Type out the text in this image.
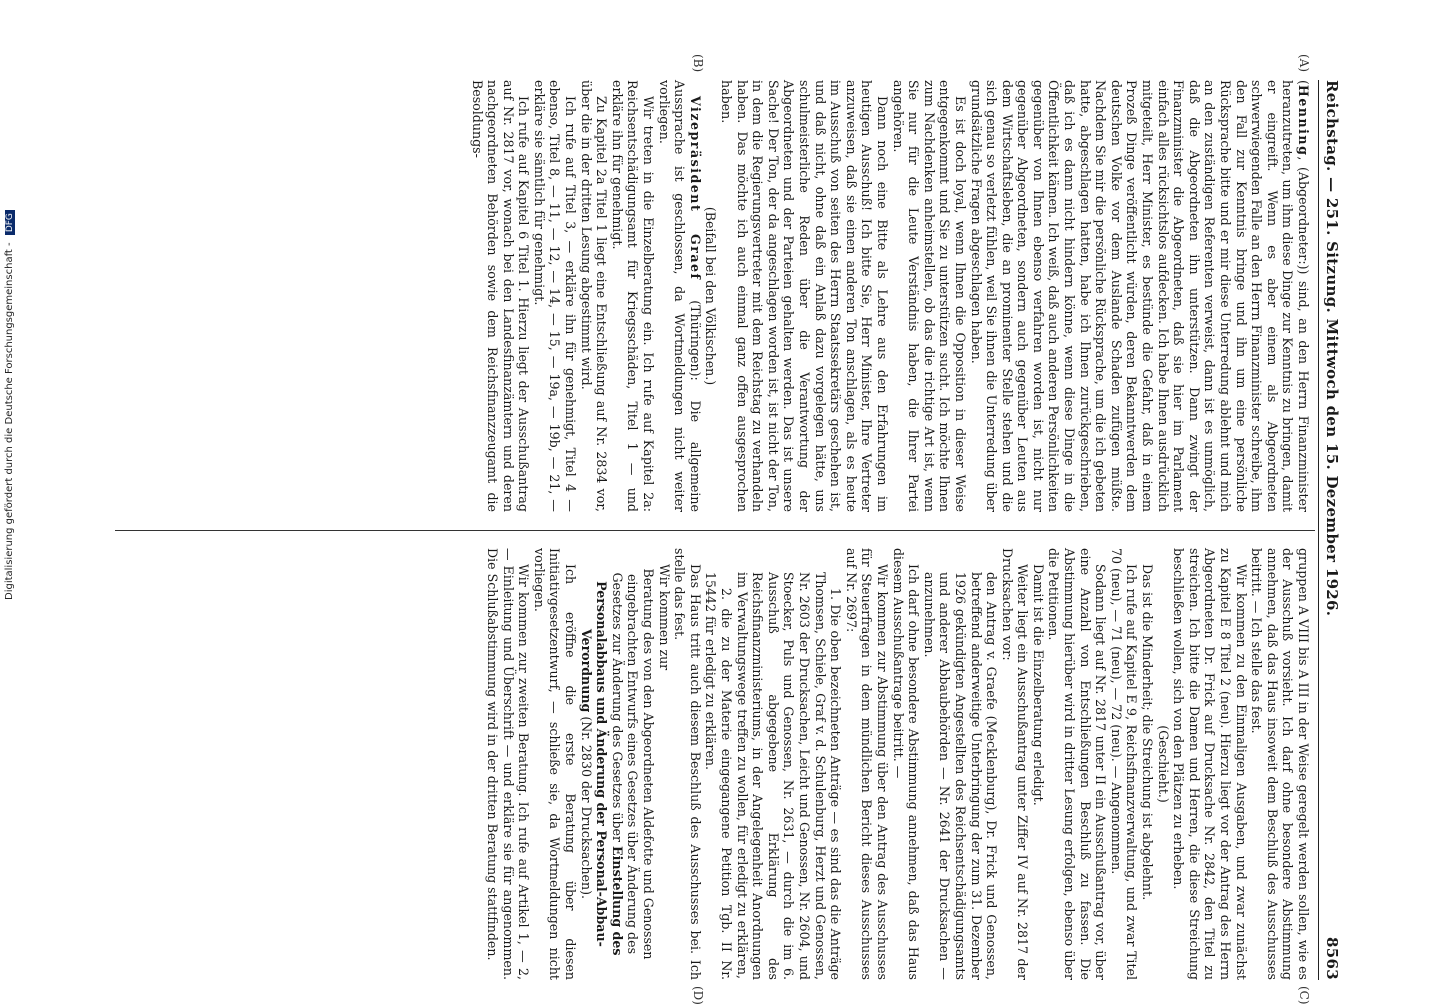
Reichstag. — 251. Sitzung. Mittwoch den 15. Dezember 1926.
8563
(A)
(B)
(C)
(D)

(Henning, (Abgeordneter:)) sind, an den Herrn Finanzminister heranzutreten, um ihm diese Dinge zur Kenntnis zu bringen, damit er eingreift. Wenn es aber einem als Abgeordneten schwerwiegenden Falle an den Herrn Finanzminister schreibe, ihm den Fall zur Kenntnis bringe und ihn um eine persönliche Rücksprache bitte und er mir diese Unterredung ablehnt und mich an den zuständigen Referenten verweist, dann ist es unmöglich, daß die Abgeordneten ihn unterstützen. Dann zwingt der Finanzminister die Abgeordneten, daß sie hier im Parlament einfach alles rücksichtslos aufdecken. Ich habe Ihnen ausdrücklich mitgeteilt, Herr Minister, es bestünde die Gefahr, daß in einem Prozeß Dinge veröffentlicht würden, deren Bekanntwerden dem deutschen Volke vor dem Auslande Schaden zufügen müßte. Nachdem Sie mir die persönliche Rücksprache, um die ich gebeten hatte, abgeschlagen hatten, habe ich Ihnen zurückgeschrieben, daß ich es dann nicht hindern könne, wenn diese Dinge in die Öffentlichkeit kämen. Ich weiß, daß auch anderen Persönlichkeiten gegenüber von Ihnen ebenso verfahren worden ist, nicht nur gegenüber Abgeordneten, sondern auch gegenüber Leuten aus dem Wirtschaftsleben, die an prominenter Stelle stehen und die sich genau so verletzt fühlen, weil Sie ihnen die Unterredung über grundsätzliche Fragen abgeschlagen haben.

Es ist doch loyal, wenn Ihnen die Opposition in dieser Weise entgegenkommt und Sie zu unterstützen sucht. Ich möchte Ihnen zum Nachdenken anheimstellen, ob das die richtige Art ist, wenn Sie nur für die Leute Verständnis haben, die Ihrer Partei angehören.

Dann noch eine Bitte als Lehre aus den Erfahrungen im heutigen Ausschuß! Ich bitte Sie, Herr Minister, Ihre Vertreter anzuweisen, daß sie einen anderen Ton anschlagen, als es heute im Ausschuß von seiten des Herrn Staatssekretärs geschehen ist, und daß nicht, ohne daß ein Anlaß dazu vorgelegen hätte, uns schulmeisterliche Reden über die Verantwortung der Abgeordneten und der Parteien gehalten werden. Das ist unsere Sache! Der Ton, der da angeschlagen worden ist, ist nicht der Ton, in dem die Regierungsvertreter mit dem Reichstag zu verhandeln haben. Das möchte ich auch einmal ganz offen ausgesprochen haben.

(Beifall bei den Völkischen.)

Vizepräsident Graef (Thüringen): Die allgemeine Aussprache ist geschlossen, da Wortmeldungen nicht weiter vorliegen.

Wir treten in die Einzelberatung ein. Ich rufe auf Kapitel 2a: Reichsentschädigungsamt für Kriegsschäden, Titel 1 — und erkläre ihn für genehmigt.

Zu Kapitel 2a Titel 1 liegt eine Entschließung auf Nr. 2834 vor, über die in der dritten Lesung abgestimmt wird.

Ich rufe auf Titel 3, — erkläre ihn für genehmigt, Titel 4 — ebenso, Titel 8, — 11, — 12, — 14, — 15, — 19a, — 19b, — 21, — erkläre sie sämtlich für genehmigt.

Ich rufe auf Kapitel 6 Titel 1. Hierzu liegt der Ausschußantrag auf Nr. 2817 vor, wonach bei den Landesfinanzämtern und deren nachgeordneten Behörden sowie dem Reichsfinanzzeugamt die Besoldungs-

gruppen A VIII bis A III in der Weise geregelt werden sollen, wie es der Ausschuß vorsieht. Ich darf ohne besondere Abstimmung annehmen, daß das Haus insoweit dem Beschluß des Ausschusses beitritt. — Ich stelle das fest.

Wir kommen zu den Einmaligen Ausgaben, und zwar zunächst zu Kapitel E 8 Titel 2 (neu). Hierzu liegt vor der Antrag des Herrn Abgeordneten Dr. Frick auf Drucksache Nr. 2842, den Titel zu streichen. Ich bitte die Damen und Herren, die diese Streichung beschließen wollen, sich von den Plätzen zu erheben.

(Geschieht.)

Das ist die Minderheit; die Streichung ist abgelehnt.

Ich rufe auf Kapitel E 9, Reichsfinanzverwaltung, und zwar Titel 70 (neu), — 71 (neu), — 72 (neu). — Angenommen.

Sodann liegt auf Nr. 2817 unter II ein Ausschußantrag vor, über eine Anzahl von Entschließungen Beschluß zu fassen. Die Abstimmung hierüber wird in dritter Lesung erfolgen, ebenso über die Petitionen.

Damit ist die Einzelberatung erledigt.

Weiter liegt ein Ausschußantrag unter Ziffer IV auf Nr. 2817 der Drucksachen vor:

den Antrag v. Graefe (Mecklenburg), Dr. Frick und Genossen, betreffend anderweitige Unterbringung der zum 31. Dezember 1926 gekündigten Angestellten des Reichsentschädigungsamts und anderer Abbaubehörden — Nr. 2641 der Drucksachen — anzunehmen.

Ich darf ohne besondere Abstimmung annehmen, daß das Haus diesem Ausschußantrage beitritt. —

Wir kommen zur Abstimmung über den Antrag des Ausschusses für Steuerfragen in dem mündlichen Bericht dieses Ausschusses auf Nr. 2697:

1. Die oben bezeichneten Anträge — es sind das die Anträge Thomsen, Schiele, Graf v. d. Schulenburg, Herzt und Genossen, Nr. 2603 der Drucksachen, Leicht und Genossen, Nr. 2604, und Stoecker, Puls und Genossen, Nr. 2631, — durch die im 6. Ausschuß abgegebene Erklärung des Reichsfinanzministeriums, in der Angelegenheit Anordnungen im Verwaltungswege treffen zu wollen, für erledigt zu erklären,

2. die zu der Materie eingegangene Petition Tgb. II Nr. 15442 für erledigt zu erklären.

Das Haus tritt auch diesem Beschluß des Ausschusses bei. Ich stelle das fest.

Wir kommen zur

Beratung des von den Abgeordneten Aldefotte und Genossen eingebrachten Entwurfs eines Gesetzes über Änderung des Gesetzes zur Änderung des Gesetzes über Einstellung des Personalabbaus und Änderung der Personal-Abbau-Verordnung (Nr. 2830 der Drucksachen).

Ich eröffne die erste Beratung über diesen Initiativgesetzentwurf, — schließe sie, da Wortmeldungen nicht vorliegen.

Wir kommen zur zweiten Beratung. Ich rufe auf Artikel 1, — 2, — Einleitung und Überschrift — und erkläre sie für angenommen. Die Schlußabstimmung wird in der dritten Beratung stattfinden.

Digitalisierung gefördert durch die Deutsche Forschungsgemeinschaft - DFG
